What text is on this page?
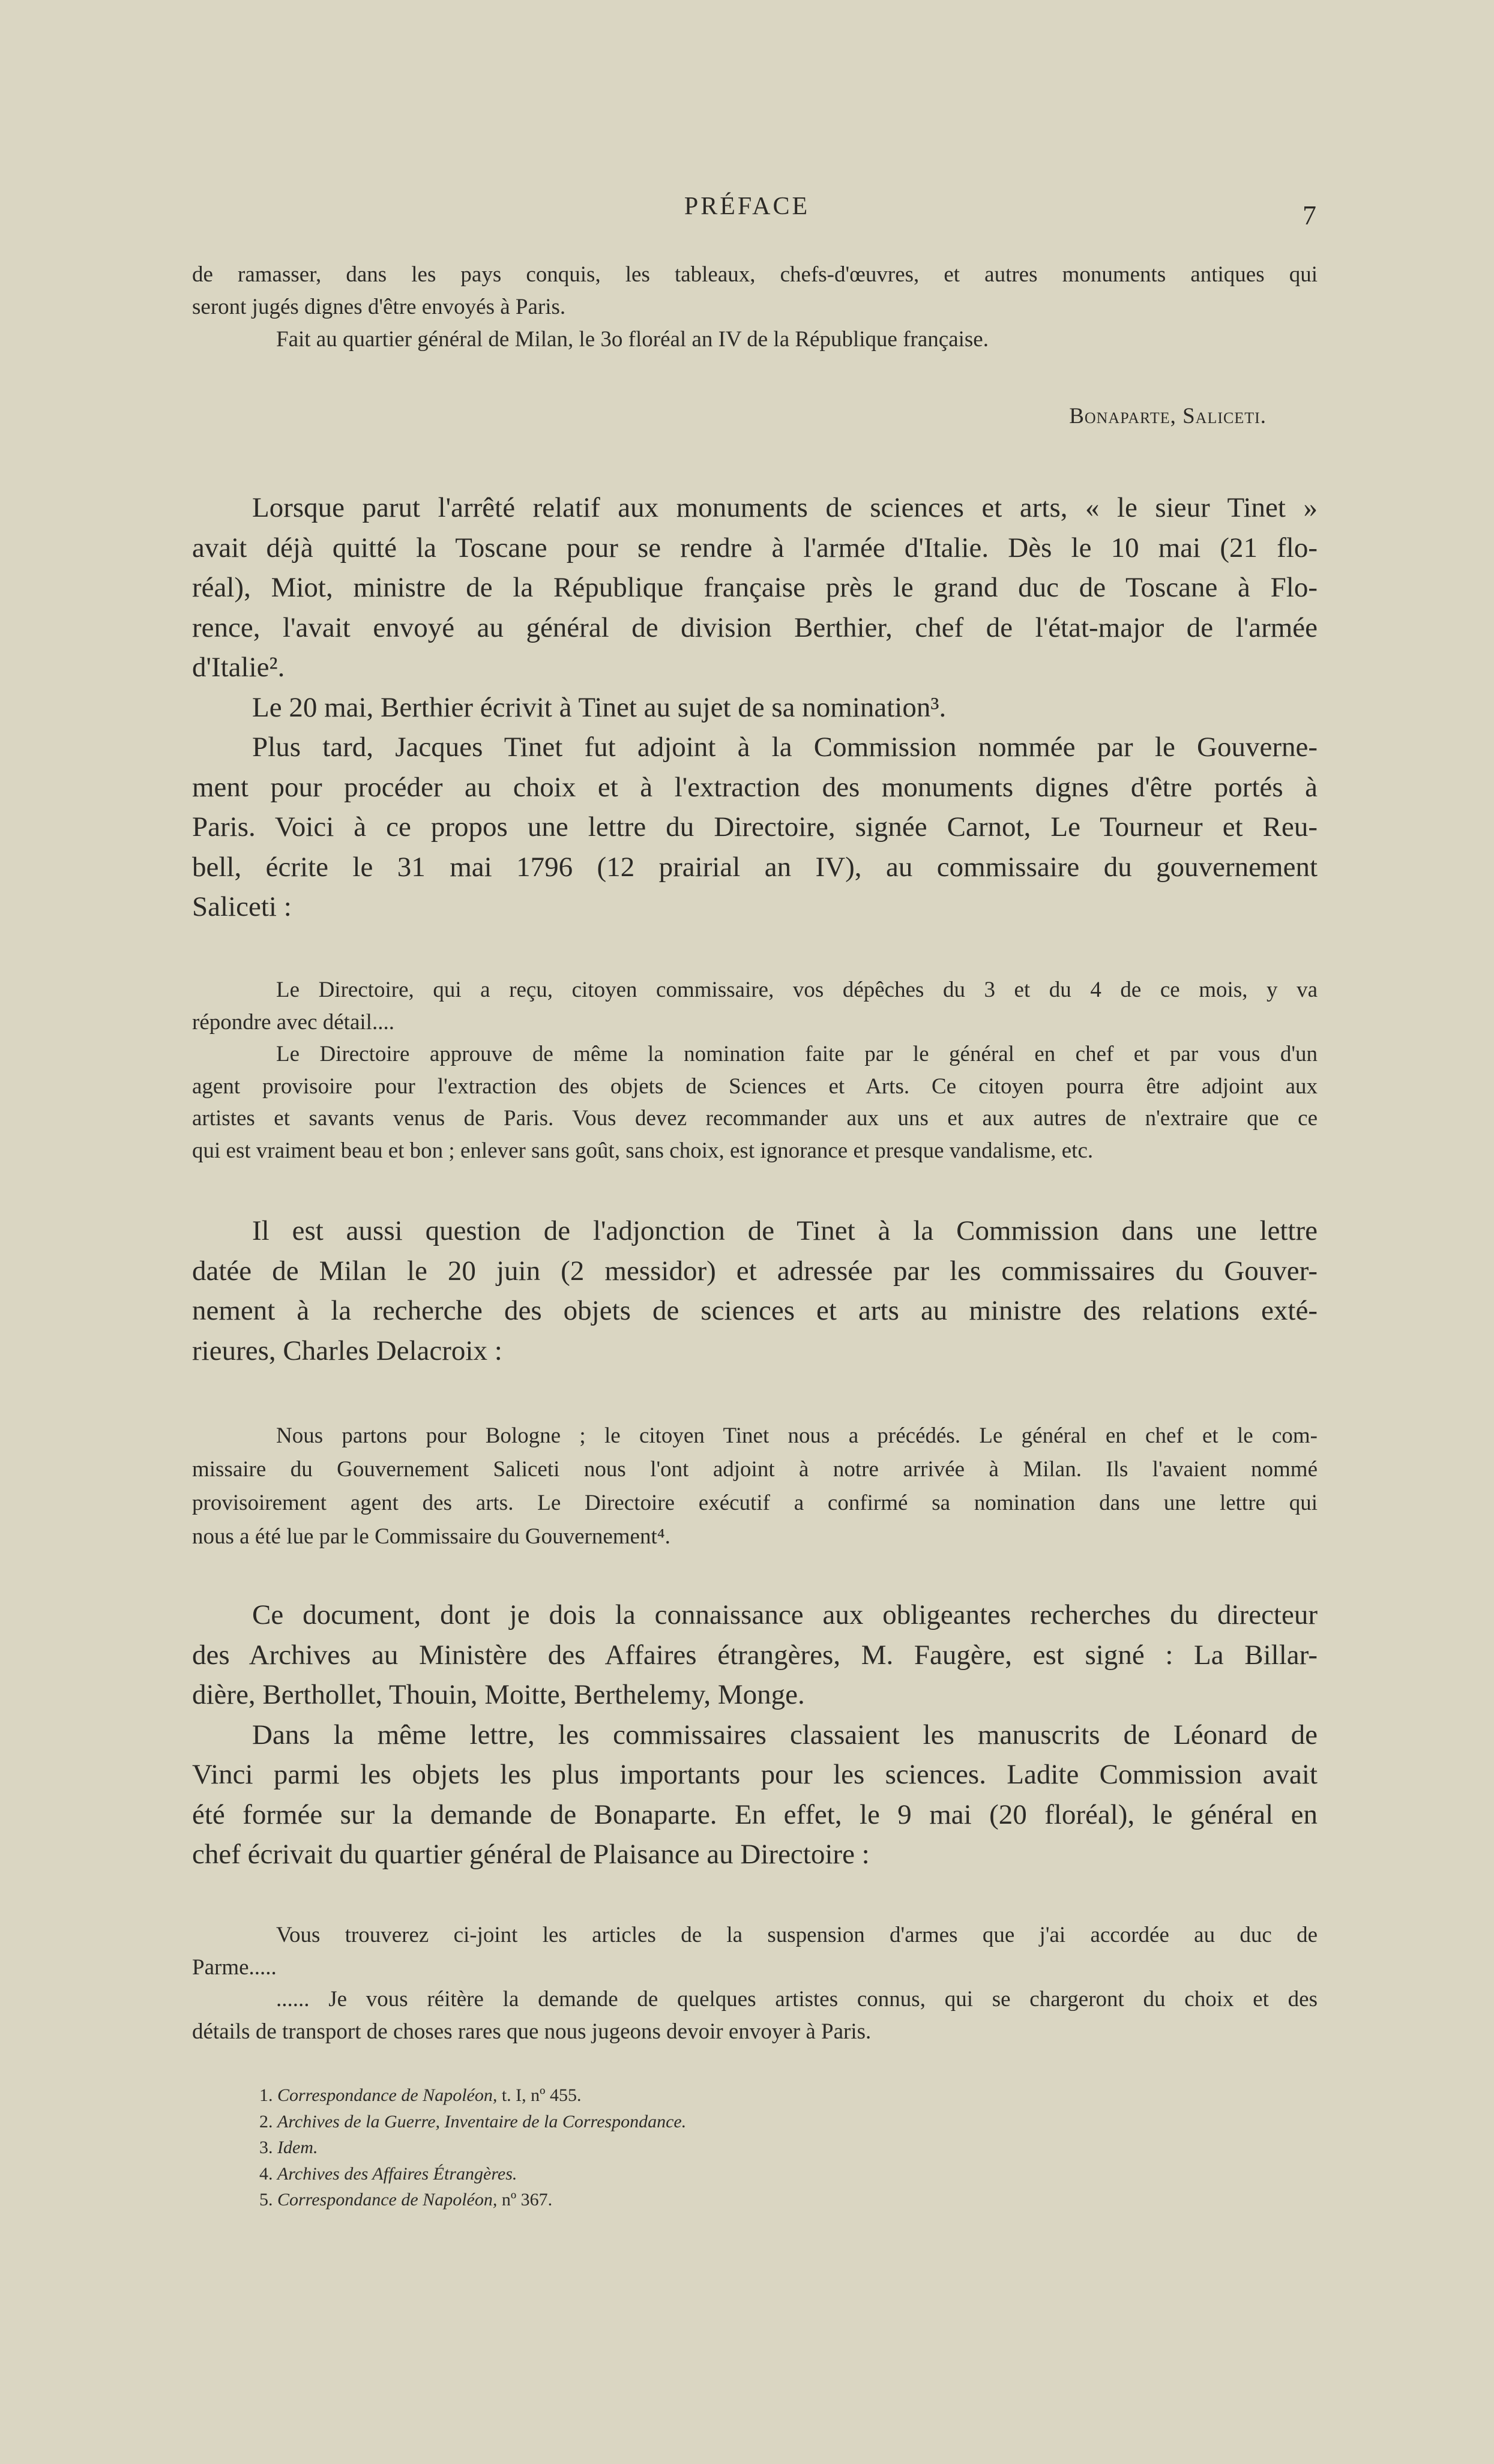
PRÉFACE	7
de ramasser, dans les pays conquis, les tableaux, chefs-d'œuvres, et autres monuments antiques qui
seront jugés dignes d'être envoyés à Paris.
Fait au quartier général de Milan, le 3o floréal an IV de la République française.
Bonaparte, Saliceti.
Lorsque parut l'arrêté relatif aux monuments de sciences et arts, « le sieur Tinet »
avait déjà quitté la Toscane pour se rendre à l'armée d'Italie. Dès le 10 mai (21 flo-
réal), Miot, ministre de la République française près le grand duc de Toscane à Flo-
rence, l'avait envoyé au général de division Berthier, chef de l'état-major de l'armée
d'Italie².
Le 20 mai, Berthier écrivit à Tinet au sujet de sa nomination³.
Plus tard, Jacques Tinet fut adjoint à la Commission nommée par le Gouverne-
ment pour procéder au choix et à l'extraction des monuments dignes d'être portés à
Paris. Voici à ce propos une lettre du Directoire, signée Carnot, Le Tourneur et Reu-
bell, écrite le 31 mai 1796 (12 prairial an IV), au commissaire du gouvernement
Saliceti :
Le Directoire, qui a reçu, citoyen commissaire, vos dépêches du 3 et du 4 de ce mois, y va
répondre avec détail....
Le Directoire approuve de même la nomination faite par le général en chef et par vous d'un
agent provisoire pour l'extraction des objets de Sciences et Arts. Ce citoyen pourra être adjoint aux
artistes et savants venus de Paris. Vous devez recommander aux uns et aux autres de n'extraire que ce
qui est vraiment beau et bon ; enlever sans goût, sans choix, est ignorance et presque vandalisme, etc.
Il est aussi question de l'adjonction de Tinet à la Commission dans une lettre
datée de Milan le 20 juin (2 messidor) et adressée par les commissaires du Gouver-
nement à la recherche des objets de sciences et arts au ministre des relations exté-
rieures, Charles Delacroix :
Nous partons pour Bologne ; le citoyen Tinet nous a précédés. Le général en chef et le com-
missaire du Gouvernement Saliceti nous l'ont adjoint à notre arrivée à Milan. Ils l'avaient nommé
provisoirement agent des arts. Le Directoire exécutif a confirmé sa nomination dans une lettre qui
nous a été lue par le Commissaire du Gouvernement⁴.
Ce document, dont je dois la connaissance aux obligeantes recherches du directeur
des Archives au Ministère des Affaires étrangères, M. Faugère, est signé : La Billar-
dière, Berthollet, Thouin, Moitte, Berthelemy, Monge.
Dans la même lettre, les commissaires classaient les manuscrits de Léonard de
Vinci parmi les objets les plus importants pour les sciences. Ladite Commission avait
été formée sur la demande de Bonaparte. En effet, le 9 mai (20 floréal), le général en
chef écrivait du quartier général de Plaisance au Directoire :
Vous trouverez ci-joint les articles de la suspension d'armes que j'ai accordée au duc de
Parme.....
...... Je vous réitère la demande de quelques artistes connus, qui se chargeront du choix et des
détails de transport de choses rares que nous jugeons devoir envoyer à Paris.
1. Correspondance de Napoléon, t. I, nº 455.
2. Archives de la Guerre, Inventaire de la Correspondance.
3. Idem.
4. Archives des Affaires Étrangères.
5. Correspondance de Napoléon, nº 367.
